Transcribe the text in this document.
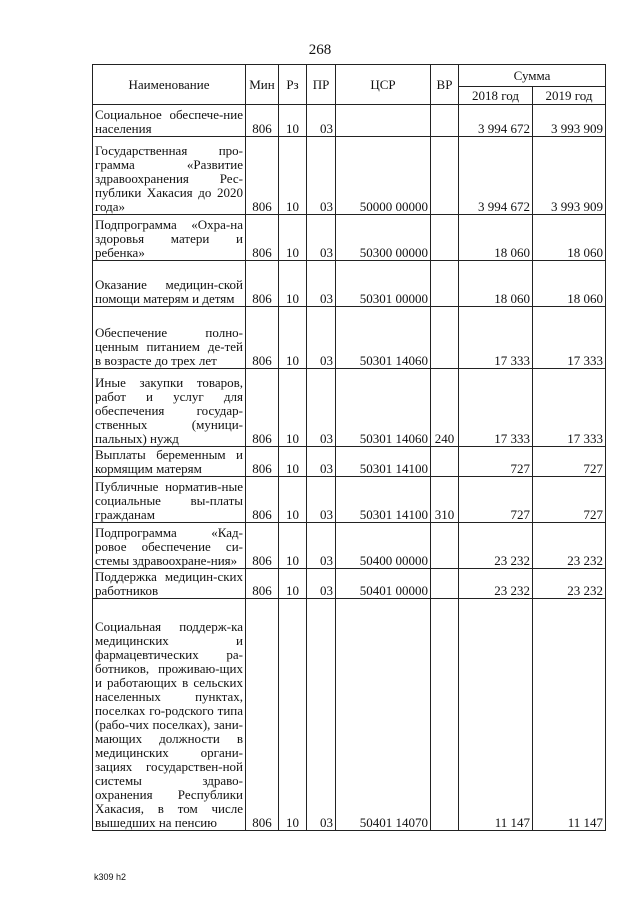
268
Наименование	Мин	Рз	ПР	ЦСР	ВР	Сумма	
						2018 год	2019 год
Социальное обеспече-ние населения	806	10	03			3 994 672	3 993 909
Государственная про-грамма «Развитие здравоохранения Рес-публики Хакасия до 2020 года»	806	10	03	50000 00000		3 994 672	3 993 909
Подпрограмма «Охра-на здоровья матери и ребенка»	806	10	03	50300 00000		18 060	18 060
Оказание медицин-ской помощи матерям и детям	806	10	03	50301 00000		18 060	18 060
Обеспечение полно-ценным питанием де-тей в возрасте до трех лет	806	10	03	50301 14060		17 333	17 333
Иные закупки товаров, работ и услуг для обеспечения государ-ственных (муници-пальных) нужд	806	10	03	50301 14060	240	17 333	17 333
Выплаты беременным и кормящим матерям	806	10	03	50301 14100		727	727
Публичные норматив-ные социальные вы-платы гражданам	806	10	03	50301 14100	310	727	727
Подпрограмма «Кад-ровое обеспечение си-стемы здравоохране-ния»	806	10	03	50400 00000		23 232	23 232
Поддержка медицин-ских работников	806	10	03	50401 00000		23 232	23 232
Социальная поддерж-ка медицинских и фармацевтических ра-ботников, проживаю-щих и работающих в сельских населенных пунктах, поселках го-родского типа (рабо-чих поселках), зани-мающих должности в медицинских органи-зациях государствен-ной системы здраво-охранения Республики Хакасия, в том числе вышедших на пенсию	806	10	03	50401 14070		11 147	11 147
k309 h2
